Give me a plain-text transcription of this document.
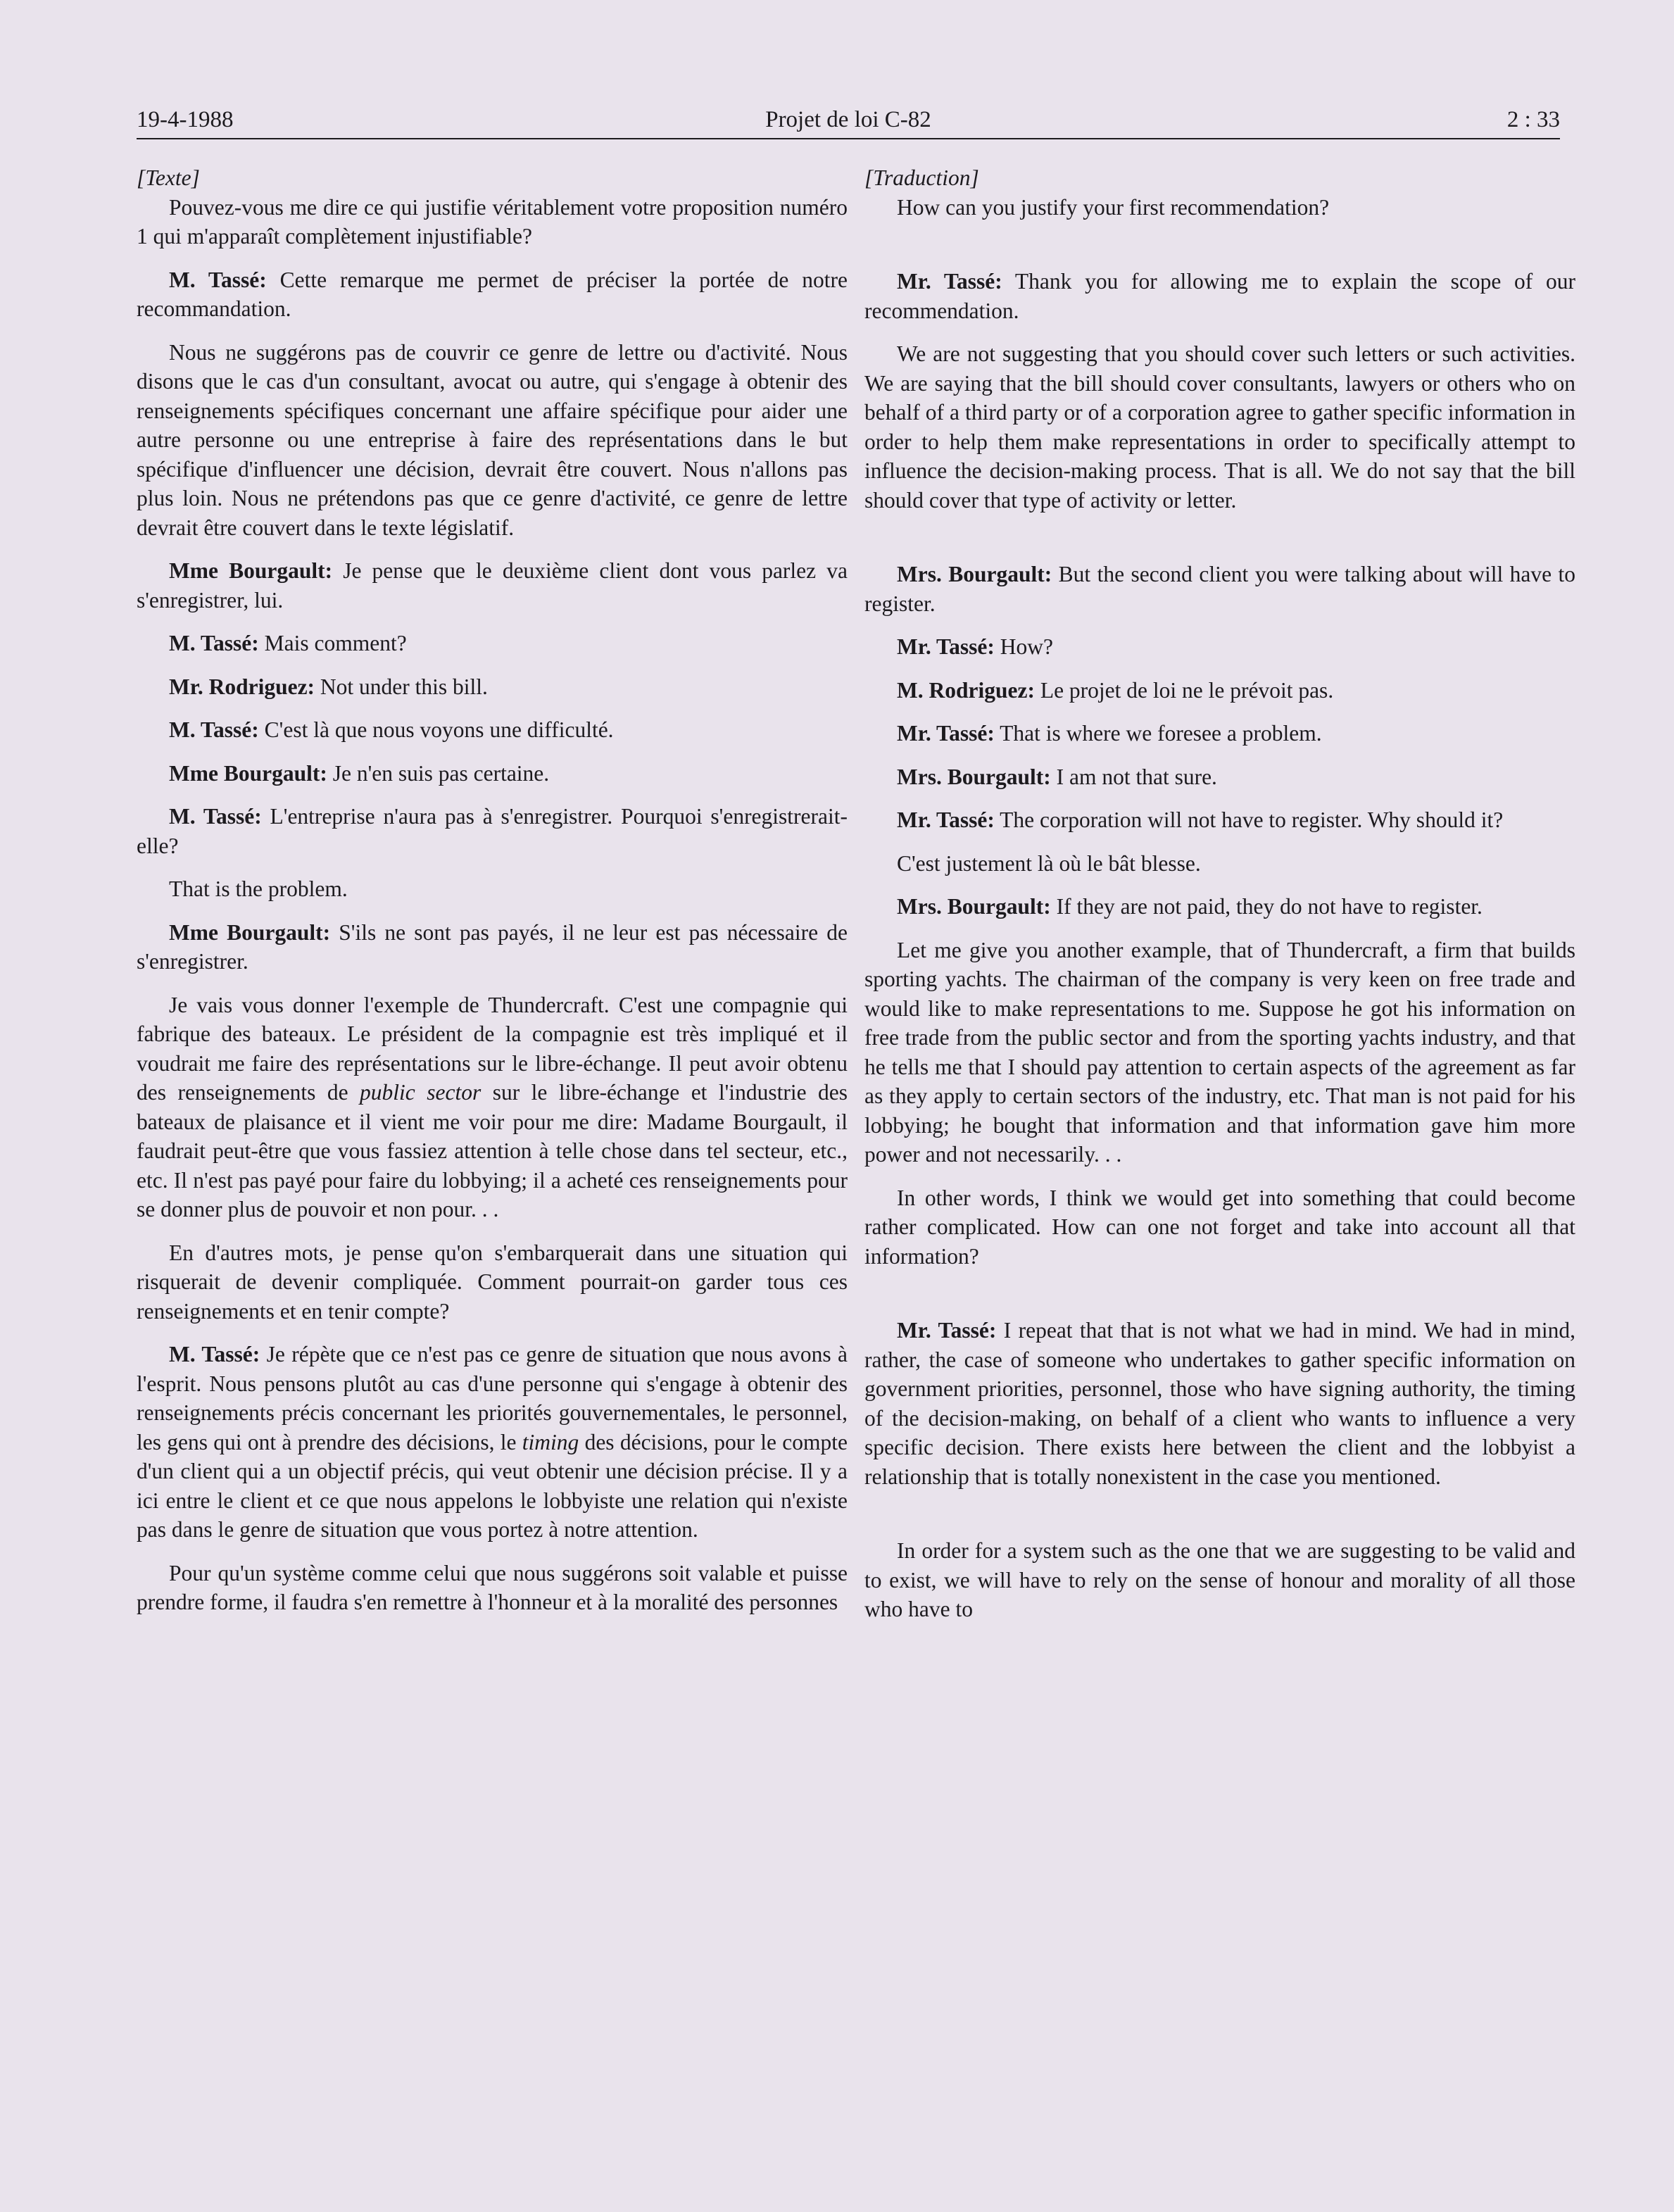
19-4-1988	Projet de loi C-82	2 : 33

[Texte]

Pouvez-vous me dire ce qui justifie véritablement votre proposition numéro 1 qui m'apparaît complètement injustifiable?

M. Tassé: Cette remarque me permet de préciser la portée de notre recommandation.

Nous ne suggérons pas de couvrir ce genre de lettre ou d'activité. Nous disons que le cas d'un consultant, avocat ou autre, qui s'engage à obtenir des renseignements spécifiques concernant une affaire spécifique pour aider une autre personne ou une entreprise à faire des représentations dans le but spécifique d'influencer une décision, devrait être couvert. Nous n'allons pas plus loin. Nous ne prétendons pas que ce genre d'activité, ce genre de lettre devrait être couvert dans le texte législatif.

Mme Bourgault: Je pense que le deuxième client dont vous parlez va s'enregistrer, lui.

M. Tassé: Mais comment?

Mr. Rodriguez: Not under this bill.

M. Tassé: C'est là que nous voyons une difficulté.

Mme Bourgault: Je n'en suis pas certaine.

M. Tassé: L'entreprise n'aura pas à s'enregistrer. Pourquoi s'enregistrerait-elle?

That is the problem.

Mme Bourgault: S'ils ne sont pas payés, il ne leur est pas nécessaire de s'enregistrer.

Je vais vous donner l'exemple de Thundercraft. C'est une compagnie qui fabrique des bateaux. Le président de la compagnie est très impliqué et il voudrait me faire des représentations sur le libre-échange. Il peut avoir obtenu des renseignements de public sector sur le libre-échange et l'industrie des bateaux de plaisance et il vient me voir pour me dire: Madame Bourgault, il faudrait peut-être que vous fassiez attention à telle chose dans tel secteur, etc., etc. Il n'est pas payé pour faire du lobbying; il a acheté ces renseignements pour se donner plus de pouvoir et non pour. . .

En d'autres mots, je pense qu'on s'embarquerait dans une situation qui risquerait de devenir compliquée. Comment pourrait-on garder tous ces renseignements et en tenir compte?

M. Tassé: Je répète que ce n'est pas ce genre de situation que nous avons à l'esprit. Nous pensons plutôt au cas d'une personne qui s'engage à obtenir des renseignements précis concernant les priorités gouvernementales, le personnel, les gens qui ont à prendre des décisions, le timing des décisions, pour le compte d'un client qui a un objectif précis, qui veut obtenir une décision précise. Il y a ici entre le client et ce que nous appelons le lobbyiste une relation qui n'existe pas dans le genre de situation que vous portez à notre attention.

Pour qu'un système comme celui que nous suggérons soit valable et puisse prendre forme, il faudra s'en remettre à l'honneur et à la moralité des personnes

[Traduction]

How can you justify your first recommendation?

Mr. Tassé: Thank you for allowing me to explain the scope of our recommendation.

We are not suggesting that you should cover such letters or such activities. We are saying that the bill should cover consultants, lawyers or others who on behalf of a third party or of a corporation agree to gather specific information in order to help them make representations in order to specifically attempt to influence the decision-making process. That is all. We do not say that the bill should cover that type of activity or letter.

Mrs. Bourgault: But the second client you were talking about will have to register.

Mr. Tassé: How?

M. Rodriguez: Le projet de loi ne le prévoit pas.

Mr. Tassé: That is where we foresee a problem.

Mrs. Bourgault: I am not that sure.

Mr. Tassé: The corporation will not have to register. Why should it?

C'est justement là où le bât blesse.

Mrs. Bourgault: If they are not paid, they do not have to register.

Let me give you another example, that of Thundercraft, a firm that builds sporting yachts. The chairman of the company is very keen on free trade and would like to make representations to me. Suppose he got his information on free trade from the public sector and from the sporting yachts industry, and that he tells me that I should pay attention to certain aspects of the agreement as far as they apply to certain sectors of the industry, etc. That man is not paid for his lobbying; he bought that information and that information gave him more power and not necessarily. . .

In other words, I think we would get into something that could become rather complicated. How can one not forget and take into account all that information?

Mr. Tassé: I repeat that that is not what we had in mind. We had in mind, rather, the case of someone who undertakes to gather specific information on government priorities, personnel, those who have signing authority, the timing of the decision-making, on behalf of a client who wants to influence a very specific decision. There exists here between the client and the lobbyist a relationship that is totally nonexistent in the case you mentioned.

In order for a system such as the one that we are suggesting to be valid and to exist, we will have to rely on the sense of honour and morality of all those who have to
